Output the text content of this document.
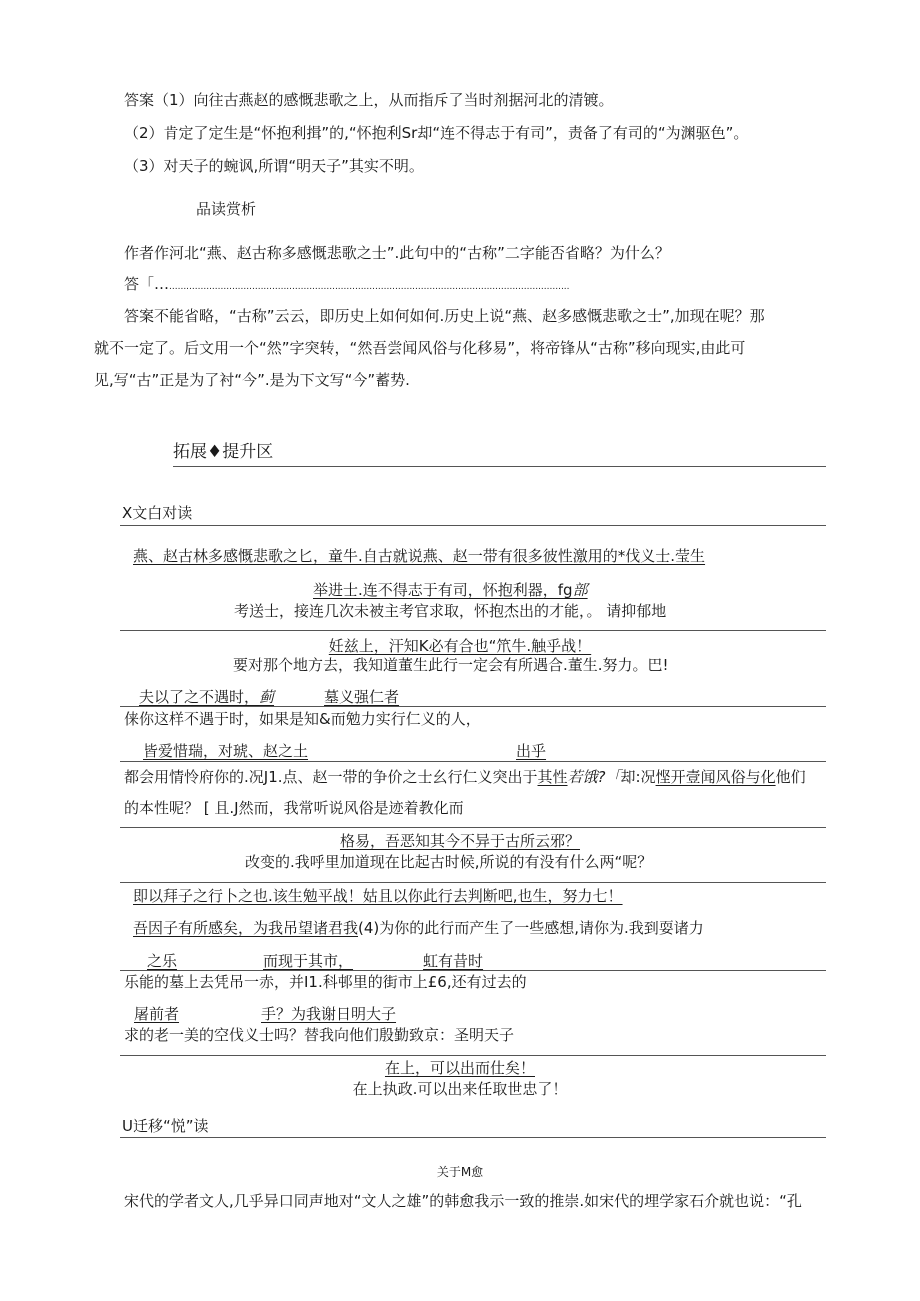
答案（1）向往古燕赵的感慨悲歌之上，从而指斥了当时剂据河北的清镀。
（2）肯定了定生是“怀抱利揖”的,“怀抱利Sr却“连不得志于有司”，责备了有司的“为渊驱色”。
（3）对天子的蜿讽,所谓“明天子”其实不明。
品读赏析
作者作河北“燕、赵古称多感慨悲歌之士”.此句中的“古称”二字能否省略？为什么？
答「…............................................................................................................................................
答案不能省略，“古称”云云，即历史上如何如何.历史上说“燕、赵多感慨悲歌之士”,加现在呢？那
就不一定了。后文用一个“然”字突转，“然吾尝闻风俗与化移易”，将帝锋从“古称”移向现实,由此可
见,写“古”正是为了衬“今”.是为下文写“今”蓄势.
拓展♦提升区
X文白对读
燕、赵古林多感慨悲歌之匕，童牛.自古就说燕、赵一带有很多彼性激用的*伐义士.莹生
举进士.连不得志于有司，怀抱利器，fg部
考送士，接连几次未被主考官求取，怀抱杰出的才能，。 请抑郁地
妊兹上，汗知K必有合也“笊牛.触乎战！
要对那个地方去，我知道董生此行一定会有所遇合.董生.努力。巴!
夫以了之不遇时，蓟	墓义强仁者
俫你这样不遇于时，如果是知&而勉力实行仁义的人，
皆爱惜瑞，对琥、赵之土	出乎
都会用情怜府你的.况J1.点、赵一带的争价之士幺行仁义突出于其性若饿?「却:况悭开壹闻风俗与化他们
的本性呢？ [ 且.J然而，我常听说风俗是迹着教化而
格易，吾恶知其今不异于古所云邪？
改变的.我呼里加道现在比起古时候,所说的有没有什么两“呢？
即以拜子之行卜之也.该生勉平战！姑且以你此行去判断吧,也生，努力七！
吾因子有所感矣，为我吊望诸君我(4)为你的此行而产生了一些感想,请你为.我到耍诸力
之乐	而现于其市，	虹有昔时
乐能的墓上去凭吊一赤，并I1.科邨里的街市上£6,还有过去的
屠前者	手？为我谢日明大子
求的老一美的空伐义士吗？替我向他们殷勤致京：圣明天子
在上，可以出而仕矣！
在上执政.可以出来任取世忠了！
U迁移“悦”读
关于M愈
宋代的学者文人,几乎异口同声地对“文人之雄”的韩愈我示一致的推崇.如宋代的埋学家石介就也说：“孔
